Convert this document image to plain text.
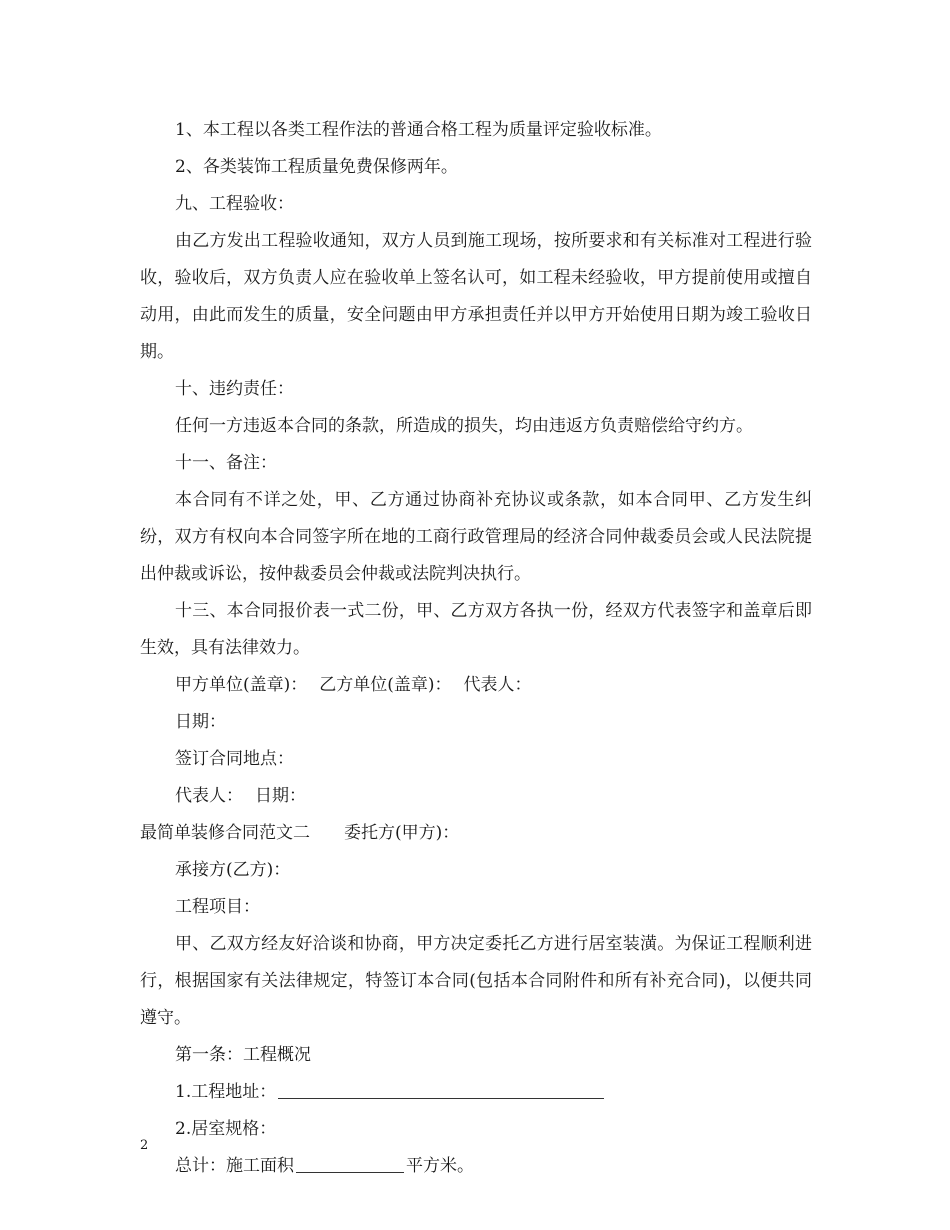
1、本工程以各类工程作法的普通合格工程为质量评定验收标准。
2、各类装饰工程质量免费保修两年。
九、工程验收：
由乙方发出工程验收通知，双方人员到施工现场，按所要求和有关标准对工程进行验收，验收后，双方负责人应在验收单上签名认可，如工程未经验收，甲方提前使用或擅自动用，由此而发生的质量，安全问题由甲方承担责任并以甲方开始使用日期为竣工验收日期。
十、违约责任：
任何一方违返本合同的条款，所造成的损失，均由违返方负责赔偿给守约方。
十一、备注：
本合同有不详之处，甲、乙方通过协商补充协议或条款，如本合同甲、乙方发生纠纷，双方有权向本合同签字所在地的工商行政管理局的经济合同仲裁委员会或人民法院提出仲裁或诉讼，按仲裁委员会仲裁或法院判决执行。
十三、本合同报价表一式二份，甲、乙方双方各执一份，经双方代表签字和盖章后即生效，具有法律效力。
甲方单位(盖章)： 乙方单位(盖章)： 代表人：
日期：
签订合同地点：
代表人： 日期：
最简单装修合同范文二 委托方(甲方)：
承接方(乙方)：
工程项目：
甲、乙双方经友好洽谈和协商，甲方决定委托乙方进行居室装潢。为保证工程顺利进行，根据国家有关法律规定，特签订本合同(包括本合同附件和所有补充合同)，以便共同遵守。
第一条：工程概况
1.工程地址：
2.居室规格：
总计：施工面积	平方米。
2
